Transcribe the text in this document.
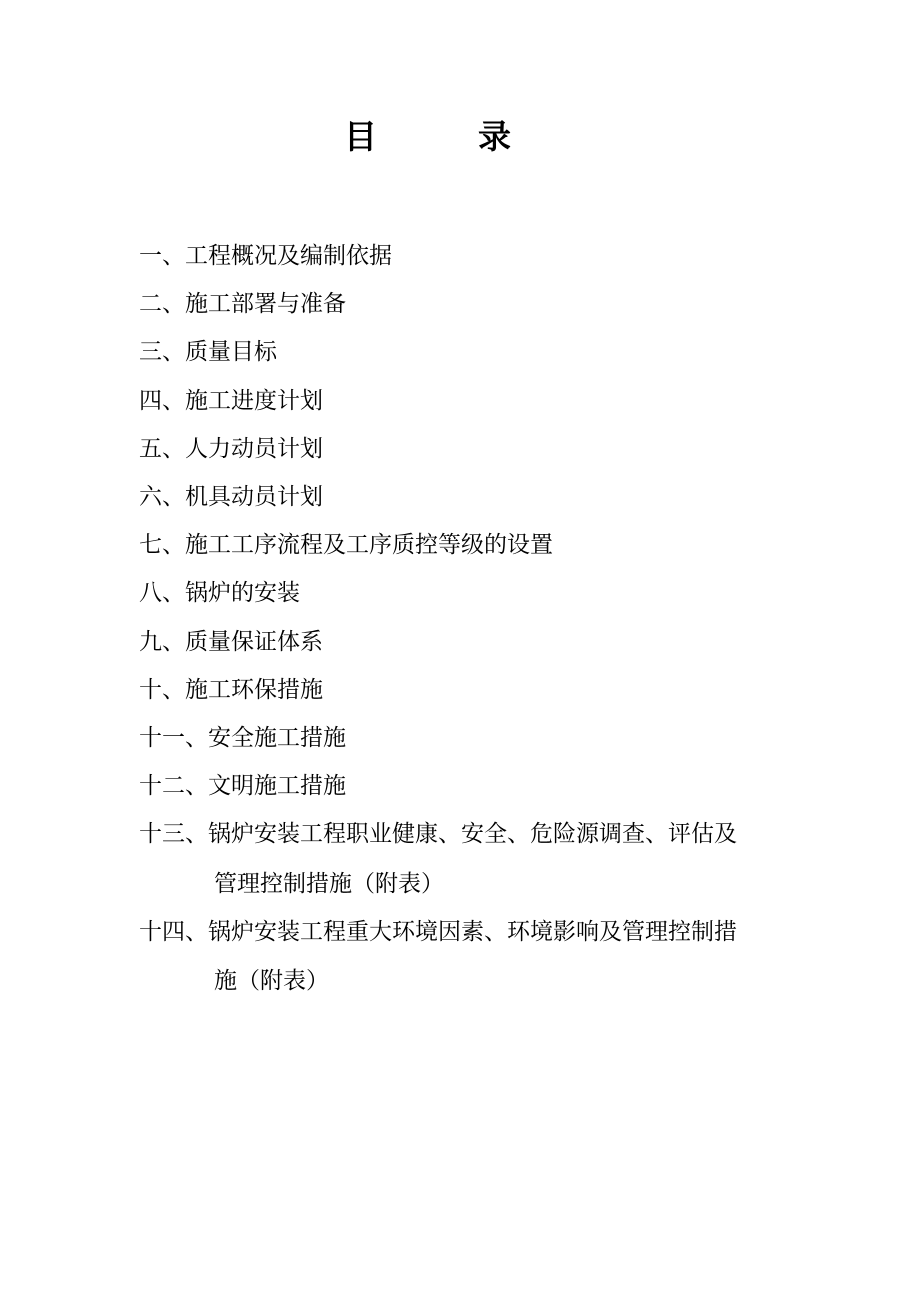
目	录
一、工程概况及编制依据
二、施工部署与准备
三、质量目标
四、施工进度计划
五、人力动员计划
六、机具动员计划
七、施工工序流程及工序质控等级的设置
八、锅炉的安装
九、质量保证体系
十、施工环保措施
十一、安全施工措施
十二、文明施工措施
十三、锅炉安装工程职业健康、安全、危险源调查、评估及
管理控制措施（附表）
十四、锅炉安装工程重大环境因素、环境影响及管理控制措
施（附表）
